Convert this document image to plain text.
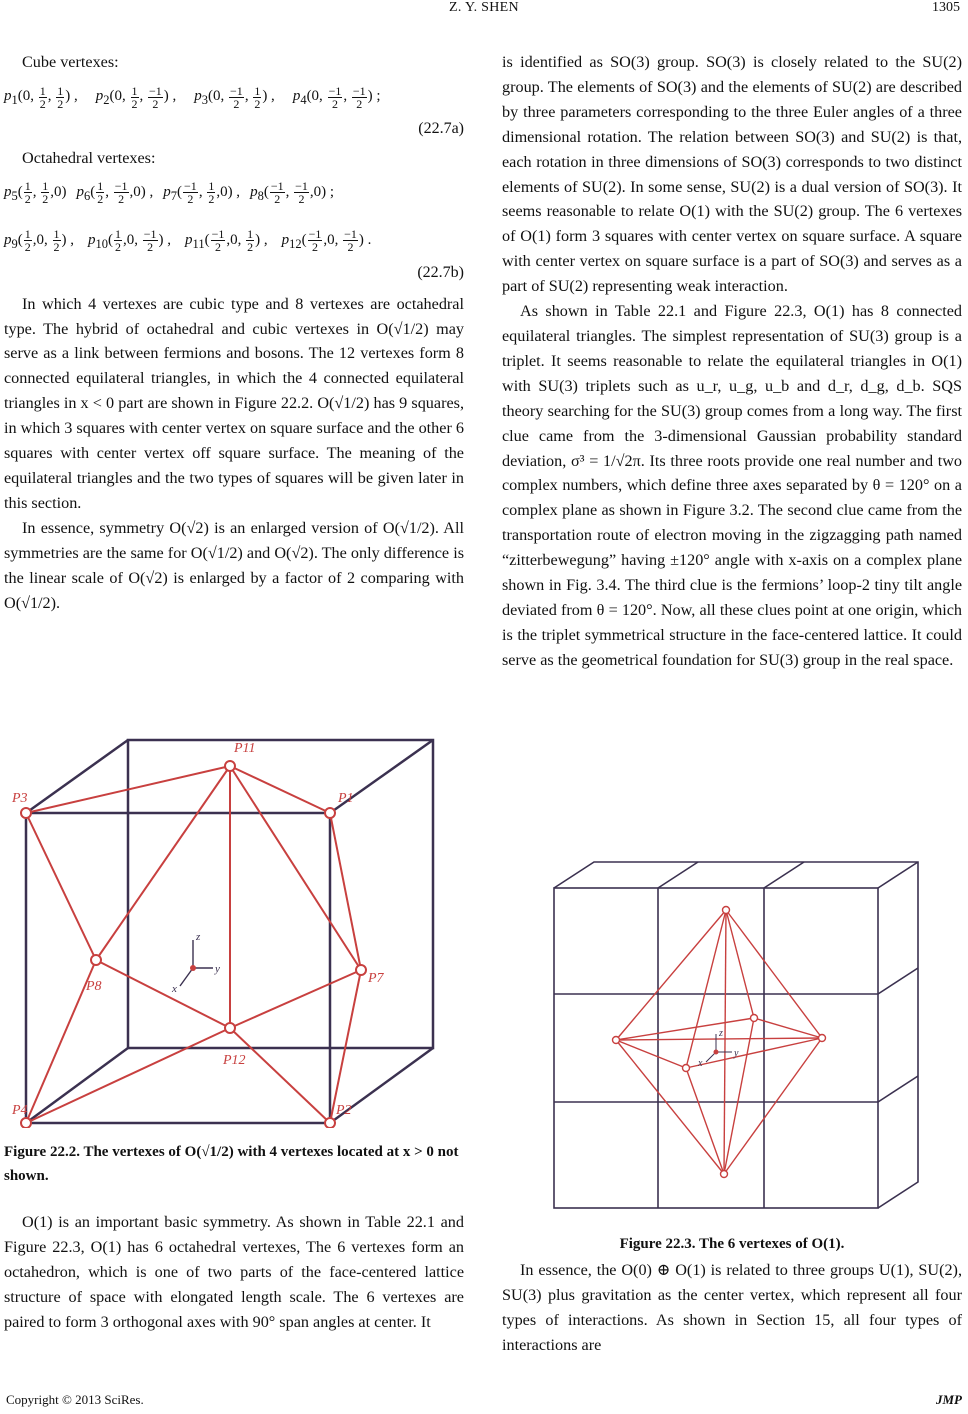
Z. Y. SHEN	1305

Cube vertexes:

$p_1(0$, $\frac{1}{2}$ , $\frac{1}{2}$ ) , $p_2(0$, $\frac{1}{2}$ , $\frac{-1}{2}$ ) , $p_3(0$, $\frac{-1}{2}$ , $\frac{1}{2}$ ) , $p_4(0$, $\frac{-1}{2}$ , $\frac{-1}{2}$ ) ;
(22.7a)

Octahedral vertexes:

$p_5( \frac{1}{2}$ , $\frac{1}{2} ,0$) $p_6( \frac{1}{2}$ , $\frac{-1}{2} ,0$) , $p_7( \frac{-1}{2}$ , $\frac{1}{2} ,0$) , $p_8( \frac{-1}{2}$ , $\frac{-1}{2} ,0$) ;
$p_9( \frac{1}{2} ,0$, $\frac{1}{2}$ ) , $p_{10}( \frac{1}{2} ,0$, $\frac{-1}{2}$ ) , $p_{11}( \frac{-1}{2} ,0$, $\frac{1}{2}$ ) , $p_{12}( \frac{-1}{2} ,0$, $\frac{-1}{2}$ ) .
(22.7b)

In which 4 vertexes are cubic type and 8 vertexes are octahedral type. The hybrid of octahedral and cubic vertexes in O(√1/2) may serve as a link between fermions and bosons. The 12 vertexes form 8 connected equilateral triangles, in which the 4 connected equilateral triangles in x < 0 part are shown in Figure 22.2. O(√1/2) has 9 squares, in which 3 squares with center vertex on square surface and the other 6 squares with center vertex off square surface. The meaning of the equilateral triangles and the two types of squares will be given later in this section.

In essence, symmetry O(√2) is an enlarged version of O(√1/2). All symmetries are the same for O(√1/2) and O(√2). The only difference is the linear scale of O(√2) is enlarged by a factor of 2 comparing with O(√1/2).

P11
P3	P1
P8
P7
P12
P4	P2
z
y
x
Figure 22.2. The vertexes of O(√1/2) with 4 vertexes located at x > 0 not shown.

O(1) is an important basic symmetry. As shown in Table 22.1 and Figure 22.3, O(1) has 6 octahedral vertexes, The 6 vertexes form an octahedron, which is one of two parts of the face-centered lattice structure of space with elongated length scale. The 6 vertexes are paired to form 3 orthogonal axes with 90° span angles at center. It

is identified as SO(3) group. SO(3) is closely related to the SU(2) group. The elements of SO(3) and the elements of SU(2) are described by three parameters corresponding to the three Euler angles of a three dimensional rotation. The relation between SO(3) and SU(2) is that, each rotation in three dimensions of SO(3) corresponds to two distinct elements of SU(2). In some sense, SU(2) is a dual version of SO(3). It seems reasonable to relate O(1) with the SU(2) group. The 6 vertexes of O(1) form 3 squares with center vertex on square surface. A square with center vertex on square surface is a part of SO(3) and serves as a part of SU(2) representing weak interaction.

As shown in Table 22.1 and Figure 22.3, O(1) has 8 connected equilateral triangles. The simplest representation of SU(3) group is a triplet. It seems reasonable to relate the equilateral triangles in O(1) with SU(3) triplets such as u_r, u_g, u_b and d_r, d_g, d_b. SQS theory searching for the SU(3) group comes from a long way. The first clue came from the 3-dimensional Gaussian probability standard deviation, σ³ = 1/√2π. Its three roots provide one real number and two complex numbers, which define three axes separated by θ = 120° on a complex plane as shown in Figure 3.2. The second clue came from the transportation route of electron moving in the zigzagging path named “zitterbewegung” having ±120° angle with x-axis on a complex plane shown in Fig. 3.4. The third clue is the fermions’ loop-2 tiny tilt angle deviated from θ = 120°. Now, all these clues point at one origin, which is the triplet symmetrical structure in the face-centered lattice. It could serve as the geometrical foundation for SU(3) group in the real space.

z
y
x
Figure 22.3. The 6 vertexes of O(1).

In essence, the O(0) ⊕ O(1) is related to three groups U(1), SU(2), SU(3) plus gravitation as the center vertex, which represent all four types of interactions. As shown in Section 15, all four types of interactions are

Copyright © 2013 SciRes.	JMP
